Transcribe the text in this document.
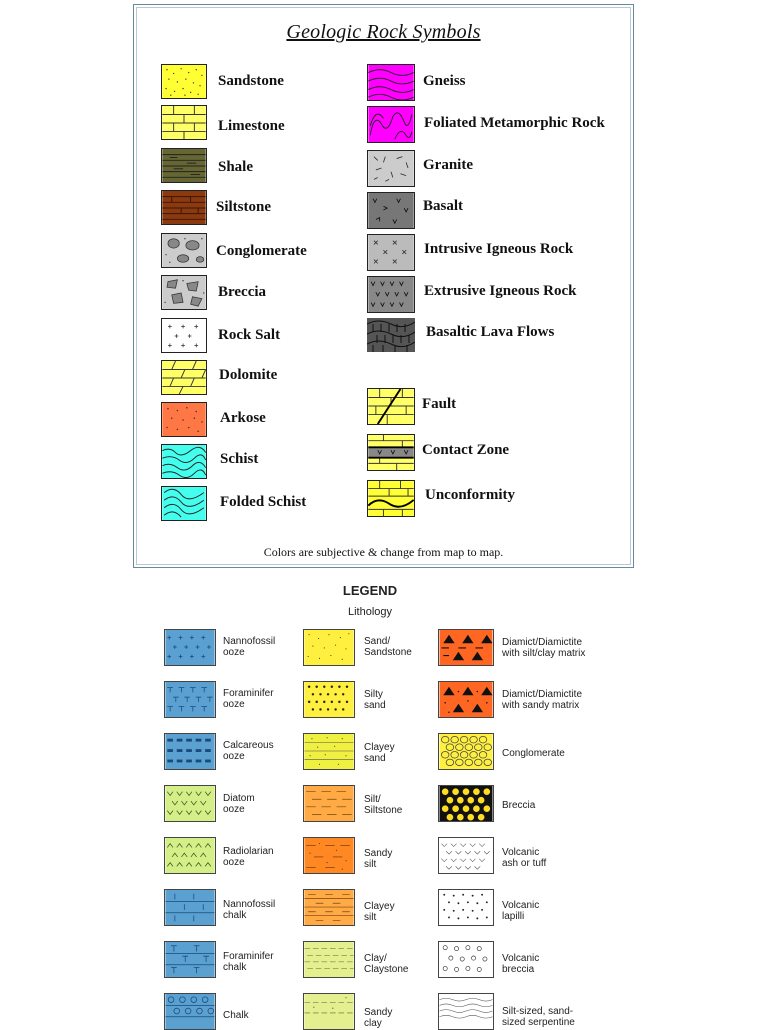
Geologic Rock Symbols
Sandstone
Limestone
Shale
Siltstone
Conglomerate
Breccia
Rock Salt
Dolomite
Arkose
Schist
Folded Schist
Gneiss
Foliated Metamorphic Rock
Granite
Basalt
Intrusive Igneous Rock
Extrusive Igneous Rock
Basaltic Lava Flows
Fault
Contact Zone
Unconformity
Colors are subjective & change from map to map.
LEGEND
Lithology
Nannofossil
ooze
Foraminifer
ooze
Calcareous
ooze
Diatom
ooze
Radiolarian
ooze
Nannofossil
chalk
Foraminifer
chalk
Chalk
Sand/
Sandstone
Silty
sand
Clayey
sand
Silt/
Siltstone
Sandy
silt
Clayey
silt
Clay/
Claystone
Sandy
clay
Diamict/Diamictite
with silt/clay matrix
Diamict/Diamictite
with sandy matrix
Conglomerate
Breccia
Volcanic
ash or tuff
Volcanic
lapilli
Volcanic
breccia
Silt-sized, sand-
sized serpentine
